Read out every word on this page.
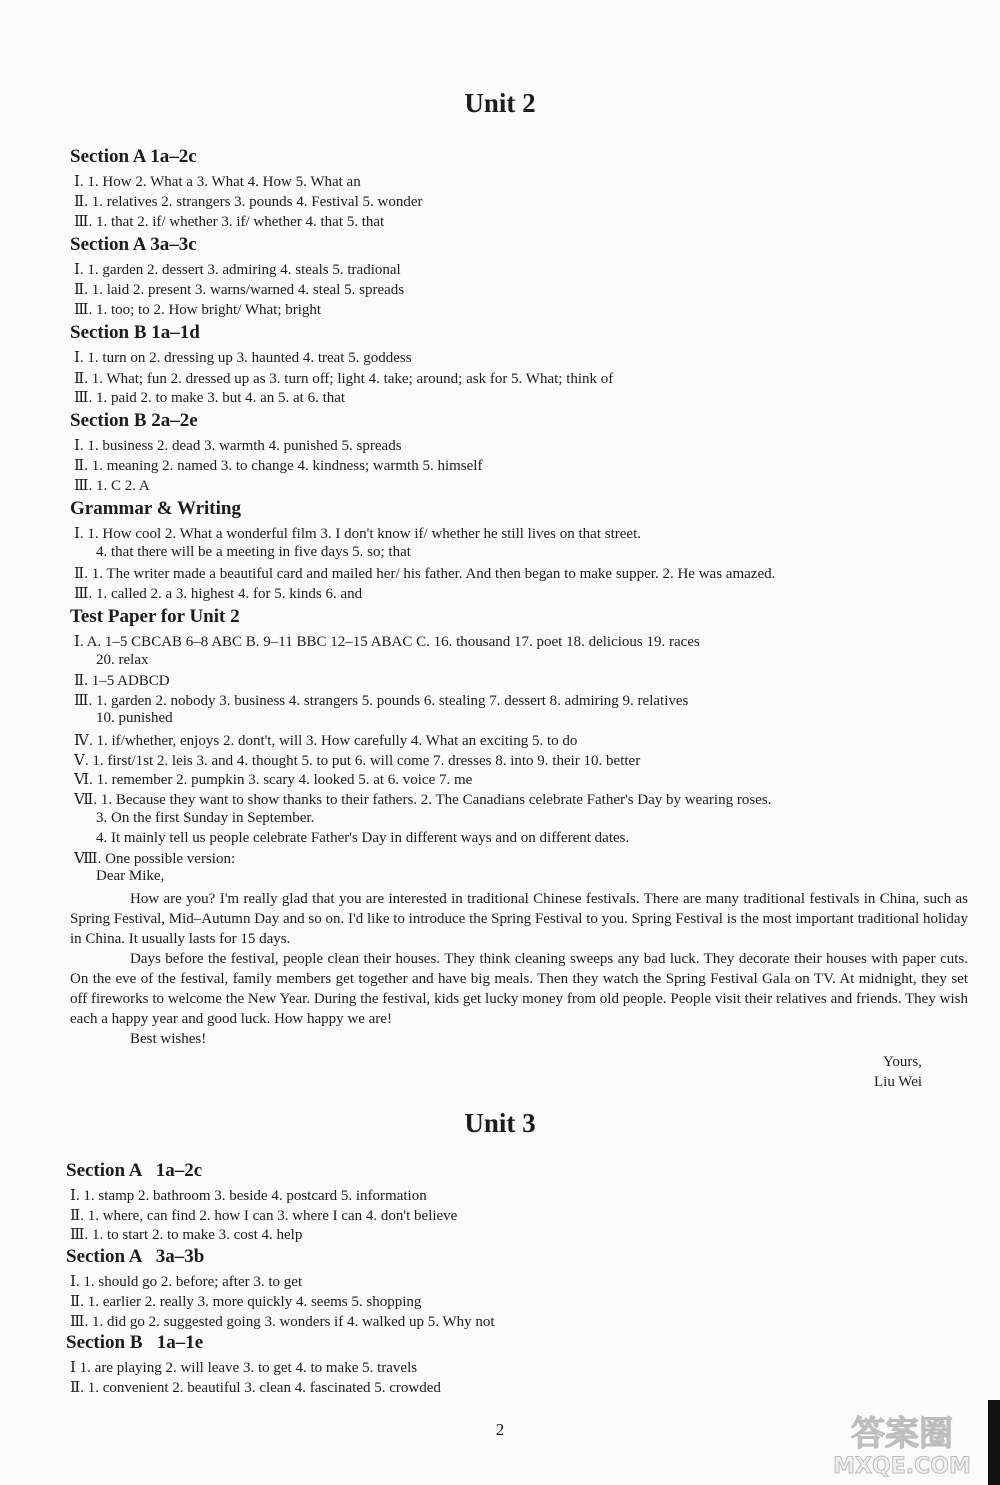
Unit 2
Section A 1a–2c
Ⅰ. 1. How 2. What a 3. What 4. How 5. What an
Ⅱ. 1. relatives 2. strangers 3. pounds 4. Festival 5. wonder
Ⅲ. 1. that 2. if/ whether 3. if/ whether 4. that 5. that
Section A 3a–3c
Ⅰ. 1. garden 2. dessert 3. admiring 4. steals 5. tradional
Ⅱ. 1. laid 2. present 3. warns/warned 4. steal 5. spreads
Ⅲ. 1. too; to 2. How bright/ What; bright
Section B 1a–1d
Ⅰ. 1. turn on 2. dressing up 3. haunted 4. treat 5. goddess
Ⅱ. 1. What; fun 2. dressed up as 3. turn off; light 4. take; around; ask for 5. What; think of
Ⅲ. 1. paid 2. to make 3. but 4. an 5. at 6. that
Section B 2a–2e
Ⅰ. 1. business 2. dead 3. warmth 4. punished 5. spreads
Ⅱ. 1. meaning 2. named 3. to change 4. kindness; warmth 5. himself
Ⅲ. 1. C 2. A
Grammar & Writing
Ⅰ. 1. How cool 2. What a wonderful film 3. I don't know if/ whether he still lives on that street.
4. that there will be a meeting in five days 5. so; that
Ⅱ. 1. The writer made a beautiful card and mailed her/ his father. And then began to make supper. 2. He was amazed.
Ⅲ. 1. called 2. a 3. highest 4. for 5. kinds 6. and
Test Paper for Unit 2
Ⅰ. A. 1–5 CBCAB 6–8 ABC B. 9–11 BBC 12–15 ABAC C. 16. thousand 17. poet 18. delicious 19. races
20. relax
Ⅱ. 1–5 ADBCD
Ⅲ. 1. garden 2. nobody 3. business 4. strangers 5. pounds 6. stealing 7. dessert 8. admiring 9. relatives
10. punished
Ⅳ. 1. if/whether, enjoys 2. dont't, will 3. How carefully 4. What an exciting 5. to do
Ⅴ. 1. first/1st 2. leis 3. and 4. thought 5. to put 6. will come 7. dresses 8. into 9. their 10. better
Ⅵ. 1. remember 2. pumpkin 3. scary 4. looked 5. at 6. voice 7. me
Ⅶ. 1. Because they want to show thanks to their fathers. 2. The Canadians celebrate Father's Day by wearing roses.
3. On the first Sunday in September.
4. It mainly tell us people celebrate Father's Day in different ways and on different dates.
Ⅷ. One possible version:
Dear Mike,

How are you? I'm really glad that you are interested in traditional Chinese festivals. There are many traditional festivals in China, such as Spring Festival, Mid–Autumn Day and so on. I'd like to introduce the Spring Festival to you. Spring Festival is the most important traditional holiday in China. It usually lasts for 15 days.

Days before the festival, people clean their houses. They think cleaning sweeps any bad luck. They decorate their houses with paper cuts. On the eve of the festival, family members get together and have big meals. Then they watch the Spring Festival Gala on TV. At midnight, they set off fireworks to welcome the New Year. During the festival, kids get lucky money from old people. People visit their relatives and friends. They wish each a happy year and good luck. How happy we are!

Best wishes!

Yours,
Liu Wei
Unit 3
Section A   1a–2c
Ⅰ. 1. stamp 2. bathroom 3. beside 4. postcard 5. information
Ⅱ. 1. where, can find 2. how I can 3. where I can 4. don't believe
Ⅲ. 1. to start 2. to make 3. cost 4. help
Section A   3a–3b
Ⅰ. 1. should go 2. before; after 3. to get
Ⅱ. 1. earlier 2. really 3. more quickly 4. seems 5. shopping
Ⅲ. 1. did go 2. suggested going 3. wonders if 4. walked up 5. Why not
Section B   1a–1e
Ⅰ 1. are playing 2. will leave 3. to get 4. to make 5. travels
Ⅱ. 1. convenient 2. beautiful 3. clean 4. fascinated 5. crowded
2	答案圈
MXQE.COM
